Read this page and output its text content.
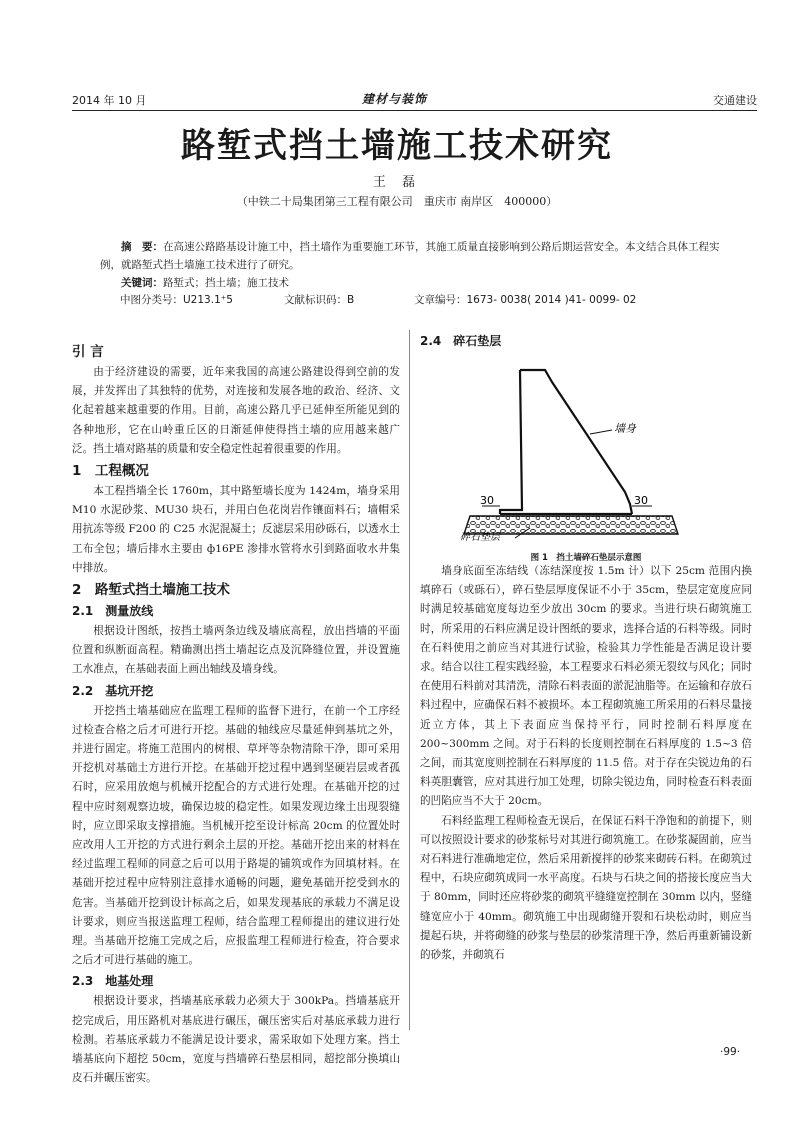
2014 年 10 月	建材与装饰	交通建设
路堑式挡土墙施工技术研究
王 磊
（中铁二十局集团第三工程有限公司　重庆市 南岸区　400000）
摘　要：在高速公路路基设计施工中，挡土墙作为重要施工环节，其施工质量直接影响到公路后期运营安全。本文结合具体工程实例，就路堑式挡土墙施工技术进行了研究。
关键词：路堑式；挡土墙；施工技术
中图分类号：U213.1⁺5	文献标识码：B	文章编号：1673- 0038( 2014 )41- 0099- 02
引 言

由于经济建设的需要，近年来我国的高速公路建设得到空前的发展，并发挥出了其独特的优势，对连接和发展各地的政治、经济、文化起着越来越重要的作用。目前，高速公路几乎已延伸至所能见到的各种地形，它在山岭重丘区的日渐延伸使得挡土墙的应用越来越广泛。挡土墙对路基的质量和安全稳定性起着很重要的作用。

1　工程概况

本工程挡墙全长 1760m，其中路堑墙长度为 1424m，墙身采用 M10 水泥砂浆、MU30 块石，并用白色花岗岩作镶面料石；墙帽采用抗冻等级 F200 的 C25 水泥混凝土；反滤层采用砂砾石，以透水土工布全包；墙后排水主要由 ф16PE 渗排水管将水引到路面收水井集中排放。

2　路堑式挡土墙施工技术
2.1　测量放线

根据设计图纸，按挡土墙两条边线及墙底高程，放出挡墙的平面位置和纵断面高程。精确测出挡土墙起讫点及沉降缝位置，并设置施工水准点，在基础表面上画出轴线及墙身线。

2.2　基坑开挖

开挖挡土墙基础应在监理工程师的监督下进行，在前一个工序经过检查合格之后才可进行开挖。基础的轴线应尽量延伸到基坑之外，并进行固定。将施工范围内的树根、草坪等杂物清除干净，即可采用开挖机对基础土方进行开挖。在基础开挖过程中遇到坚硬岩层或者孤石时，应采用放炮与机械开挖配合的方式进行处理。在基础开挖的过程中应时刻观察边坡，确保边坡的稳定性。如果发现边缘土出现裂缝时，应立即采取支撑措施。当机械开挖至设计标高 20cm 的位置处时应改用人工开挖的方式进行剩余土层的开挖。基础开挖出来的材料在经过监理工程师的同意之后可以用于路堤的铺筑或作为回填材料。在基础开挖过程中应特别注意排水通畅的问题，避免基础开挖受到水的危害。当基础开挖到设计标高之后，如果发现基底的承载力不满足设计要求，则应当报送监理工程师，结合监理工程师提出的建议进行处理。当基础开挖施工完成之后，应报监理工程师进行检查，符合要求之后才可进行基础的施工。

2.3　地基处理

根据设计要求，挡墙基底承载力必须大于 300kPa。挡墙基底开挖完成后，用压路机对基底进行碾压，碾压密实后对基底承载力进行检测。若基底承载力不能满足设计要求，需采取如下处理方案。挡土墙基底向下超挖 50cm，宽度与挡墙碎石垫层相同，超挖部分换填山皮石并碾压密实。

2.4　碎石垫层
30	30
墙身
碎石垫层
图 1　挡土墙碎石垫层示意图

墙身底面至冻结线（冻结深度按 1.5m 计）以下 25cm 范围内换填碎石（或砾石），碎石垫层厚度保证不小于 35cm，垫层定宽度应同时满足较基础宽度每边至少放出 30cm 的要求。当进行块石砌筑施工时，所采用的石料应满足设计图纸的要求，选择合适的石料等级。同时在石料使用之前应当对其进行试验，检验其力学性能是否满足设计要求。结合以往工程实践经验，本工程要求石料必须无裂纹与风化；同时在使用石料前对其清洗，清除石料表面的淤泥油脂等。在运输和存放石料过程中，应确保石料不被损坏。本工程砌筑施工所采用的石料尽量接近立方体，其上下表面应当保持平行，同时控制石料厚度在 200~300mm 之间。对于石料的长度则控制在石料厚度的 1.5~3 倍之间，而其宽度则控制在石料厚度的 11.5 倍。对于存在尖锐边角的石料英胆囊管，应对其进行加工处理，切除尖锐边角，同时检查石料表面的凹陷应当不大于 20cm。

石料经监理工程师检查无误后，在保证石料干净饱和的前提下，则可以按照设计要求的砂浆标号对其进行砌筑施工。在砂浆凝固前，应当对石料进行准确地定位，然后采用新搅拌的砂浆来砌砖石料。在砌筑过程中，石块应砌筑成同一水平高度。石块与石块之间的搭接长度应当大于 80mm，同时还应将砂浆的砌筑平缝缝宽控制在 30mm 以内，竖缝缝宽应小于 40mm。砌筑施工中出现砌缝开裂和石块松动时，则应当提起石块，并将砌缝的砂浆与垫层的砂浆清理干净，然后再重新铺设新的砂浆，并砌筑石

·99·
